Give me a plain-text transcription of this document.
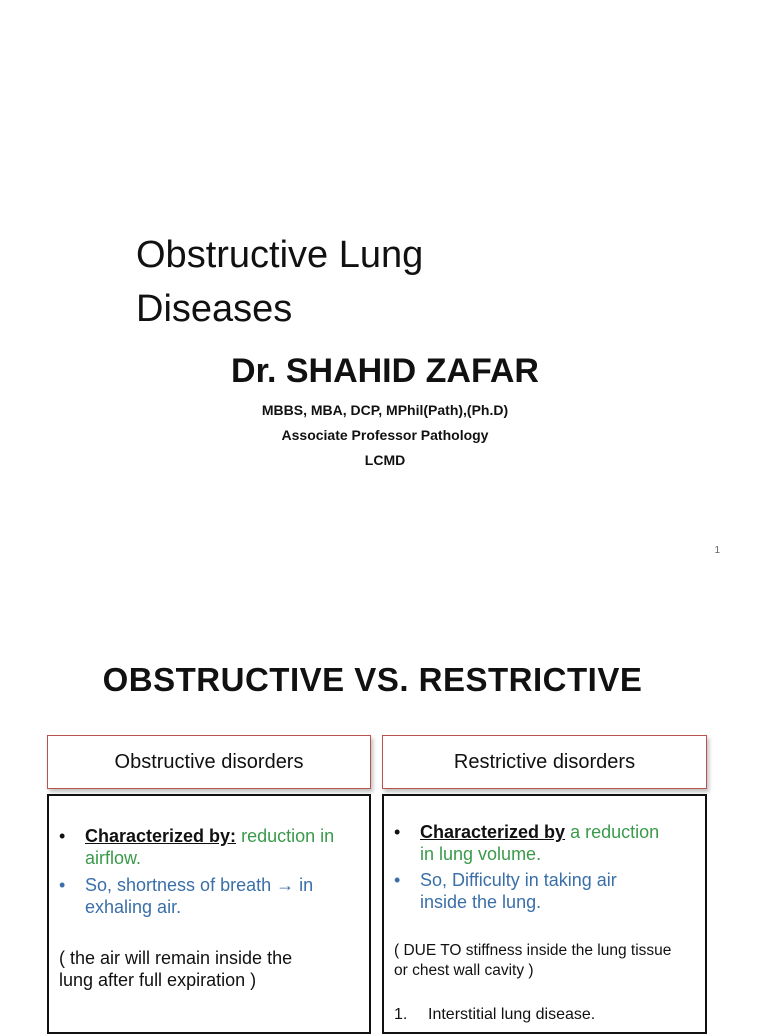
Obstructive Lung
Diseases
Dr. SHAHID ZAFAR
MBBS, MBA, DCP, MPhil(Path),(Ph.D)
Associate Professor Pathology
LCMD
1
OBSTRUCTIVE VS. RESTRICTIVE
Obstructive disorders	Restrictive disorders
• Characterized by: reduction in
airflow.
• So, shortness of breath → in
exhaling air.
( the air will remain inside the
lung after full expiration )
• Characterized by a reduction
in lung volume.
• So, Difficulty in taking air
inside the lung.
( DUE TO stiffness inside the lung tissue
or chest wall cavity )
1. Interstitial lung disease.
